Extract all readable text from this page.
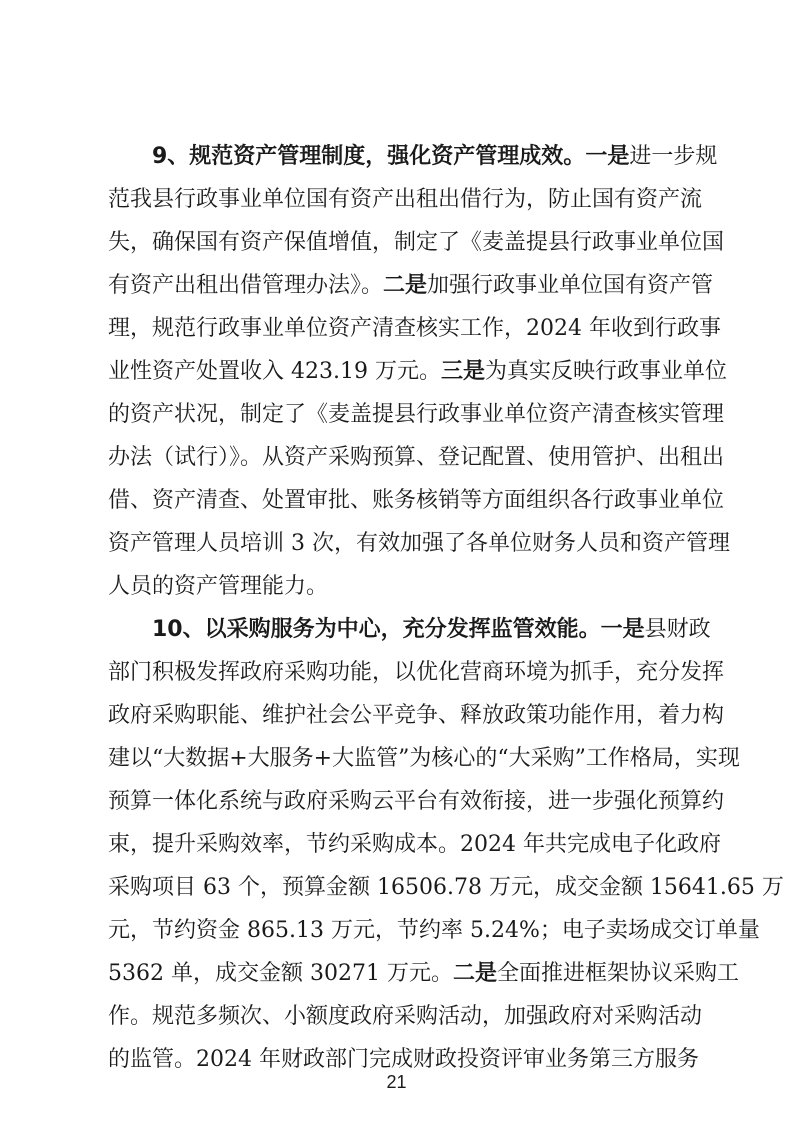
9、规范资产管理制度，强化资产管理成效。一是进一步规
范我县行政事业单位国有资产出租出借行为，防止国有资产流
失，确保国有资产保值增值，制定了《麦盖提县行政事业单位国
有资产出租出借管理办法》。二是加强行政事业单位国有资产管
理，规范行政事业单位资产清查核实工作，2024 年收到行政事
业性资产处置收入 423.19 万元。三是为真实反映行政事业单位
的资产状况，制定了《麦盖提县行政事业单位资产清查核实管理
办法（试行）》。从资产采购预算、登记配置、使用管护、出租出
借、资产清查、处置审批、账务核销等方面组织各行政事业单位
资产管理人员培训 3 次，有效加强了各单位财务人员和资产管理
人员的资产管理能力。
10、以采购服务为中心，充分发挥监管效能。一是县财政
部门积极发挥政府采购功能，以优化营商环境为抓手，充分发挥
政府采购职能、维护社会公平竞争、释放政策功能作用，着力构
建以“大数据+大服务+大监管”为核心的“大采购”工作格局，实现
预算一体化系统与政府采购云平台有效衔接，进一步强化预算约
束，提升采购效率，节约采购成本。2024 年共完成电子化政府
采购项目 63 个，预算金额 16506.78 万元，成交金额 15641.65 万
元，节约资金 865.13 万元，节约率 5.24%；电子卖场成交订单量
5362 单，成交金额 30271 万元。二是全面推进框架协议采购工
作。规范多频次、小额度政府采购活动，加强政府对采购活动
的监管。2024 年财政部门完成财政投资评审业务第三方服务
21
